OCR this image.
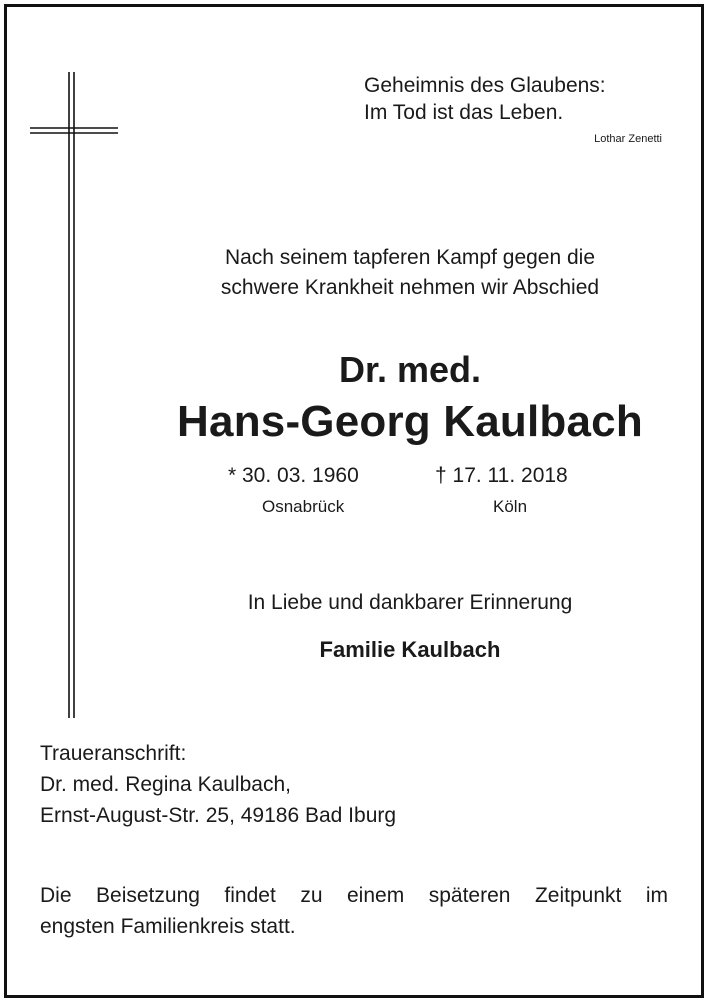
Geheimnis des Glaubens:
Im Tod ist das Leben.
Lothar Zenetti
Nach seinem tapferen Kampf gegen die
schwere Krankheit nehmen wir Abschied
Dr. med.
Hans-Georg Kaulbach
* 30. 03. 1960	† 17. 11. 2018
Osnabrück	Köln
In Liebe und dankbarer Erinnerung
Familie Kaulbach
Traueranschrift:
Dr. med. Regina Kaulbach,
Ernst-August-Str. 25, 49186 Bad Iburg
Die Beisetzung findet zu einem späteren Zeitpunkt im
engsten Familienkreis statt.
